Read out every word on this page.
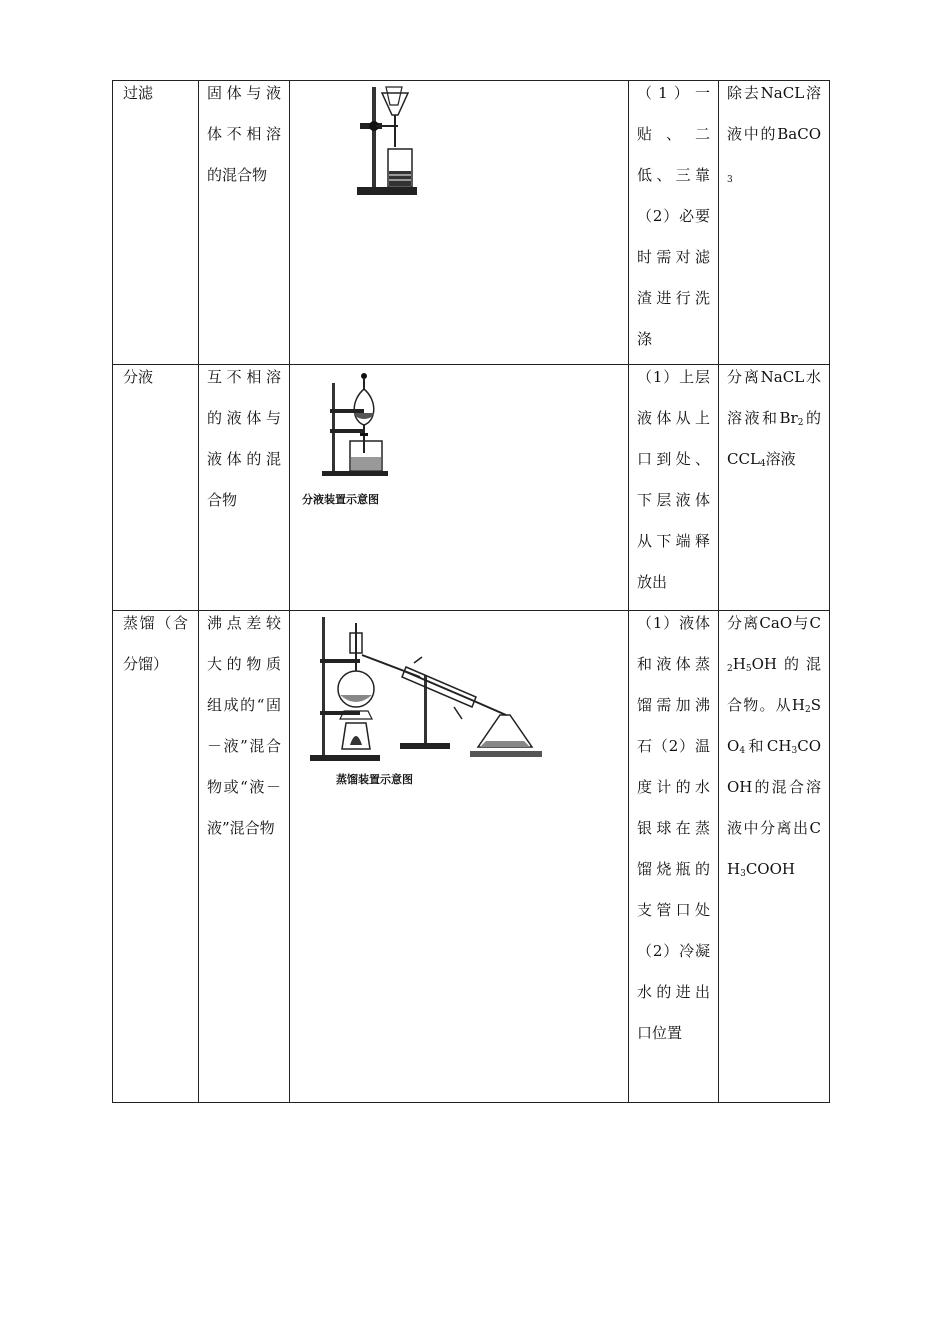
过滤	固体与液体不相溶的混合物		（1）一贴、二低、三靠（2）必要时需对滤渣进行洗涤	除去NaCL溶液中的BaCO$_3$

分液	互不相溶的液体与液体的混合物	分液装置示意图	（1）上层液体从上口到处、下层液体从下端释放出	分离NaCL水溶液和$Br_2$的$CCL_4$溶液

蒸馏（含分馏）	沸点差较大的物质组成的“固－液”混合物或“液－液”混合物	蒸馏装置示意图	（1）液体和液体蒸馏需加沸石（2）温度计的水银球在蒸馏烧瓶的支管口处（2）冷凝水的进出口位置	分离CaO与$C_2H_5OH$的混合物。从$H_2SO_4$和$CH_3COOH$的混合溶液中分离出$CH_3COOH$
